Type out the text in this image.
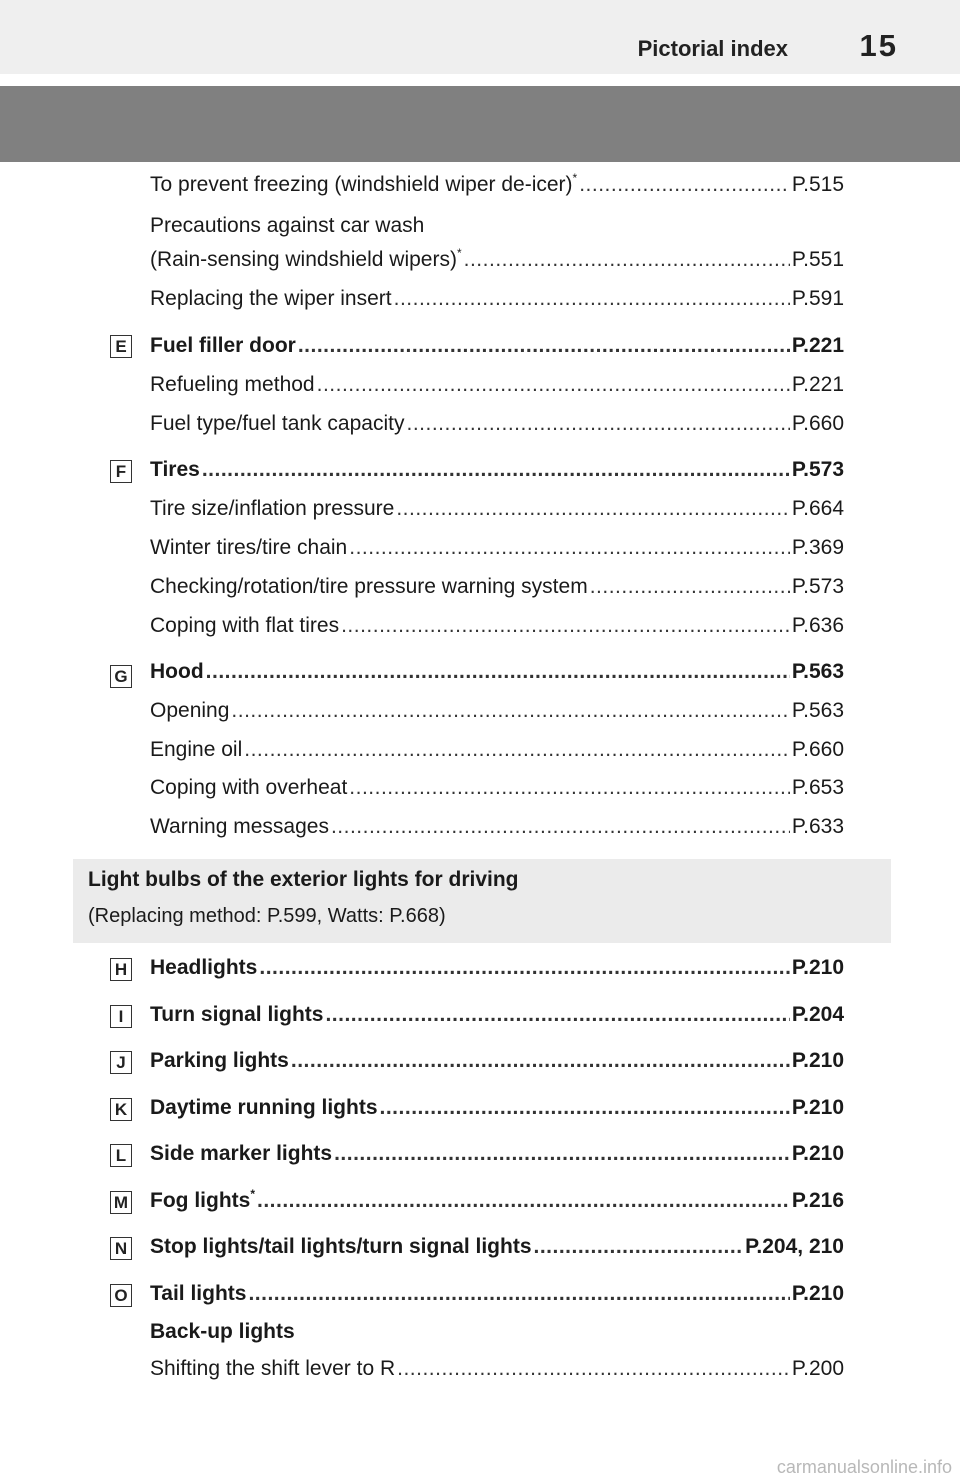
Pictorial index 15
To prevent freezing (windshield wiper de-icer)* .....	P.515
Precautions against car wash
(Rain-sensing windshield wipers)* .....	P.551
Replacing the wiper insert .....	P.591
E Fuel filler door .....	P.221
Refueling method .....	P.221
Fuel type/fuel tank capacity .....	P.660
F Tires .....	P.573
Tire size/inflation pressure .....	P.664
Winter tires/tire chain .....	P.369
Checking/rotation/tire pressure warning system .....	P.573
Coping with flat tires .....	P.636
G Hood .....	P.563
Opening .....	P.563
Engine oil .....	P.660
Coping with overheat .....	P.653
Warning messages .....	P.633
Light bulbs of the exterior lights for driving
(Replacing method: P.599, Watts: P.668)
H Headlights .....	P.210
I	Turn signal lights .....	P.204
J Parking lights .....	P.210
K Daytime running lights .....	P.210
L Side marker lights .....	P.210
M Fog lights* .....	P.216
N Stop lights/tail lights/turn signal lights .....	P.204, 210
O Tail lights .....	P.210
Back-up lights
Shifting the shift lever to R .....	P.200
carmanualsonline.info
